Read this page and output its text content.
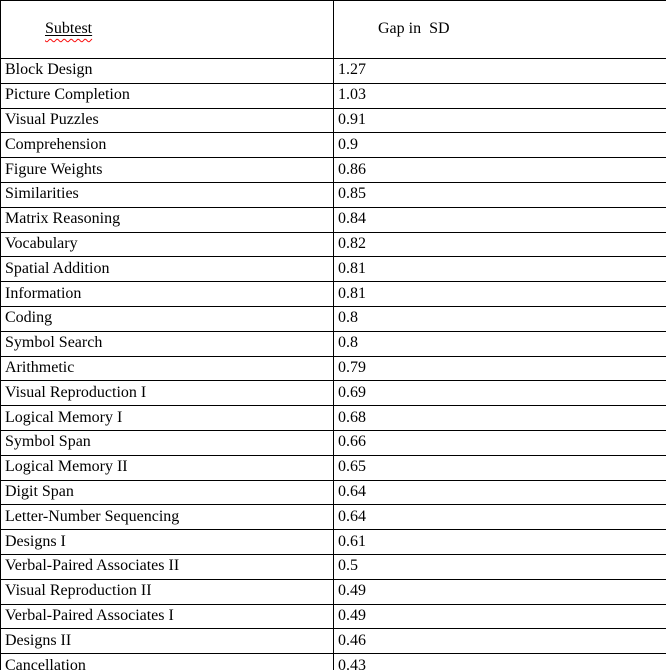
Subtest	Gap in  SD

Block Design	1.27
Picture Completion	1.03
Visual Puzzles	0.91
Comprehension	0.9
Figure Weights	0.86
Similarities	0.85
Matrix Reasoning	0.84
Vocabulary	0.82
Spatial Addition	0.81
Information	0.81
Coding	0.8
Symbol Search	0.8
Arithmetic	0.79
Visual Reproduction I	0.69
Logical Memory I	0.68
Symbol Span	0.66
Logical Memory II	0.65
Digit Span	0.64
Letter-Number Sequencing	0.64
Designs I	0.61
Verbal-Paired Associates II	0.5
Visual Reproduction II	0.49
Verbal-Paired Associates I	0.49
Designs II	0.46
Cancellation	0.43
